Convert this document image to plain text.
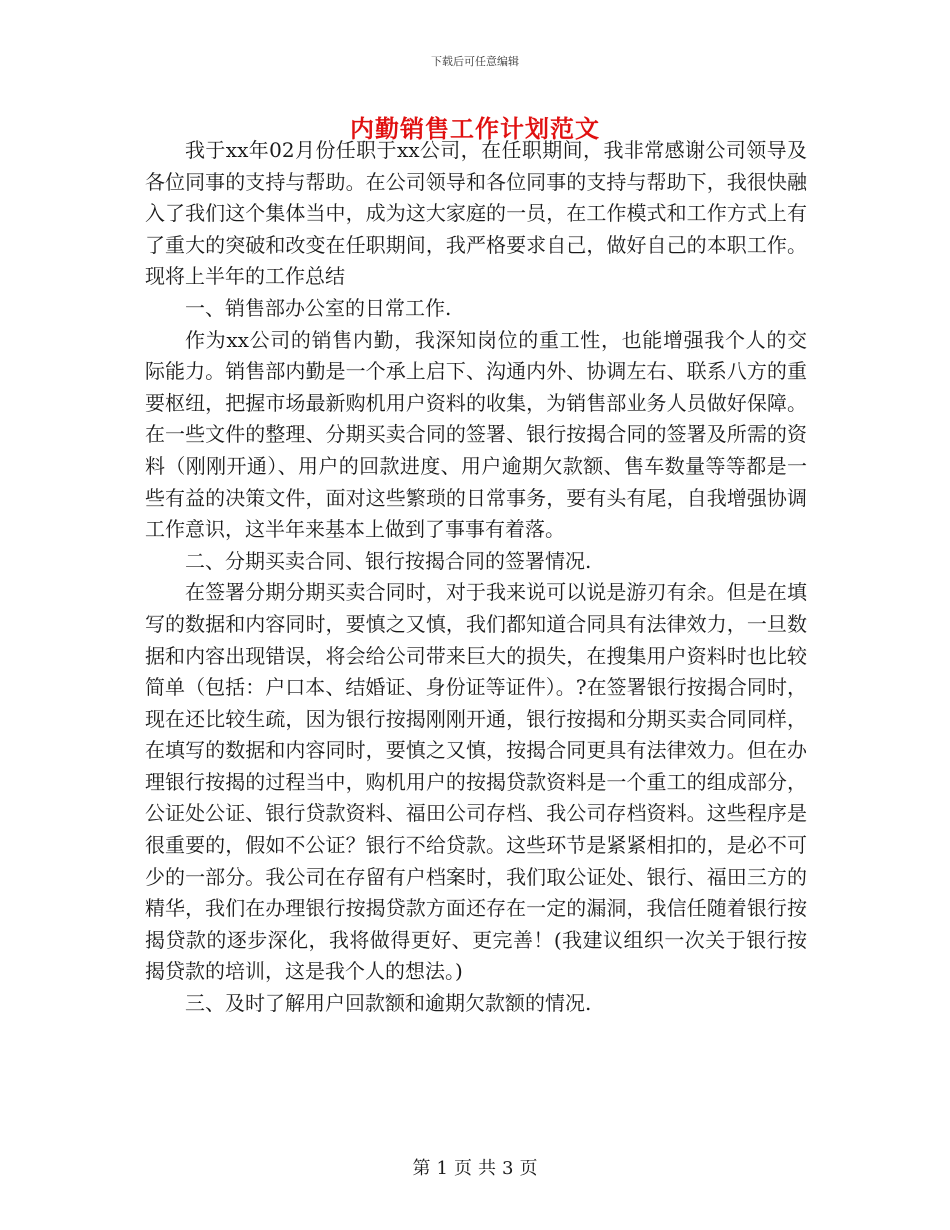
下载后可任意编辑
内勤销售工作计划范文

我于xx年02月份任职于xx公司，在任职期间，我非常感谢公司领导及各位同事的支持与帮助。在公司领导和各位同事的支持与帮助下，我很快融入了我们这个集体当中，成为这大家庭的一员，在工作模式和工作方式上有了重大的突破和改变在任职期间，我严格要求自己，做好自己的本职工作。现将上半年的工作总结

一、销售部办公室的日常工作.

作为xx公司的销售内勤，我深知岗位的重工性，也能增强我个人的交际能力。销售部内勤是一个承上启下、沟通内外、协调左右、联系八方的重要枢纽，把握市场最新购机用户资料的收集，为销售部业务人员做好保障。在一些文件的整理、分期买卖合同的签署、银行按揭合同的签署及所需的资料（刚刚开通）、用户的回款进度、用户逾期欠款额、售车数量等等都是一些有益的决策文件，面对这些繁琐的日常事务，要有头有尾，自我增强协调工作意识，这半年来基本上做到了事事有着落。

二、分期买卖合同、银行按揭合同的签署情况.

在签署分期分期买卖合同时，对于我来说可以说是游刃有余。但是在填写的数据和内容同时，要慎之又慎，我们都知道合同具有法律效力，一旦数据和内容出现错误，将会给公司带来巨大的损失，在搜集用户资料时也比较简单（包括：户口本、结婚证、身份证等证件）。?在签署银行按揭合同时，现在还比较生疏，因为银行按揭刚刚开通，银行按揭和分期买卖合同同样，在填写的数据和内容同时，要慎之又慎，按揭合同更具有法律效力。但在办理银行按揭的过程当中，购机用户的按揭贷款资料是一个重工的组成部分，公证处公证、银行贷款资料、福田公司存档、我公司存档资料。这些程序是很重要的，假如不公证？银行不给贷款。这些环节是紧紧相扣的，是必不可少的一部分。我公司在存留有户档案时，我们取公证处、银行、福田三方的精华，我们在办理银行按揭贷款方面还存在一定的漏洞，我信任随着银行按揭贷款的逐步深化，我将做得更好、更完善！(我建议组织一次关于银行按揭贷款的培训，这是我个人的想法。)

三、及时了解用户回款额和逾期欠款额的情况.

第 1 页 共 3 页
